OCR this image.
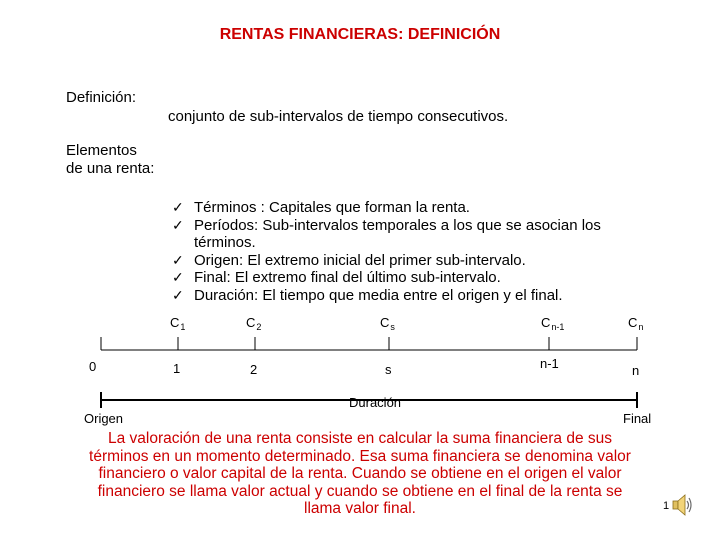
RENTAS FINANCIERAS: DEFINICIÓN
Definición:
conjunto de sub-intervalos de tiempo consecutivos.
Elementos
de una renta:
✓ Términos : Capitales que forman la renta.
✓ Períodos: Sub-intervalos temporales a los que se asocian los
términos.
✓ Origen: El extremo inicial del primer sub-intervalo.
✓ Final: El extremo final del último sub-intervalo.
✓ Duración: El tiempo que media entre el origen y el final.
$C_1$	$C_2$	$C_s$	$C_{n-1}$	$C_n$
0	1	2	s	n-1	n
Duración
Origen	Final
La valoración de una renta consiste en calcular la suma financiera de sus
términos en un momento determinado. Esa suma financiera se denomina valor
financiero o valor capital de la renta. Cuando se obtiene en el origen el valor
financiero se llama valor actual y cuando se obtiene en el final de la renta se
llama valor final.	1
